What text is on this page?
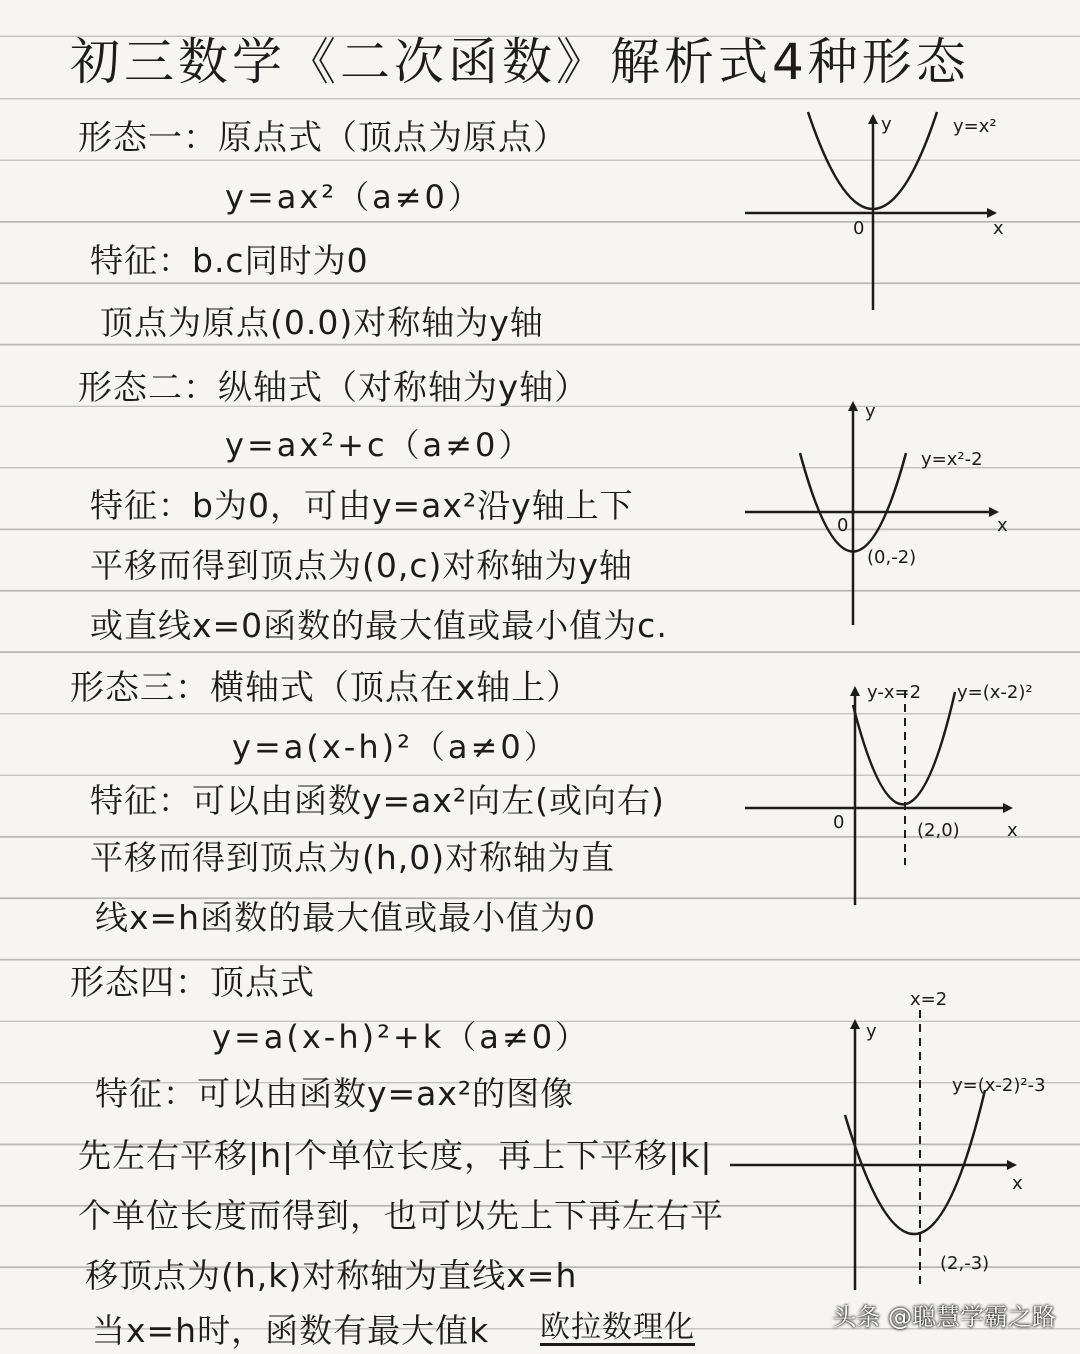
初三数学《二次函数》解析式4种形态
形态一：原点式（顶点为原点）
y=ax²（a≠0）
特征：b.c同时为0
顶点为原点(0.0)对称轴为y轴
y=x²
0	x
y
形态二：纵轴式（对称轴为y轴）
y=ax²+c（a≠0）
特征：b为0，可由y=ax²沿y轴上下
平移而得到顶点为(0,c)对称轴为y轴
或直线x=0函数的最大值或最小值为c.
y=x²-2
0
(0,-2)
x
y
形态三：横轴式（顶点在x轴上）
y=a(x-h)²（a≠0）
特征：可以由函数y=ax²向左(或向右)
平移而得到顶点为(h,0)对称轴为直
线x=h函数的最大值或最小值为0
y-x=2 y=(x-2)²
0	(2,0)	x
形态四：顶点式
y=a(x-h)²+k（a≠0）
特征：可以由函数y=ax²的图像
先左右平移|h|个单位长度，再上下平移|k|
个单位长度而得到，也可以先上下再左右平
移顶点为(h,k)对称轴为直线x=h
当x=h时，函数有最大值k 欧拉数理化
x=2
y=(x-2)²-3
(2,-3)
x
y
头条 @聪慧学霸之路
